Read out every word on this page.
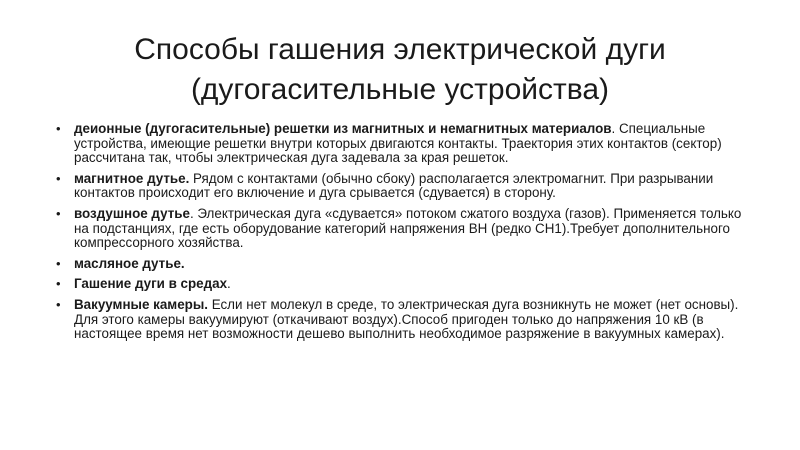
Способы гашения электрической дуги
(дугогасительные устройства)
• деионные (дугогасительные) решетки из магнитных и немагнитных материалов. Специальные устройства, имеющие решетки внутри которых двигаются контакты. Траектория этих контактов (сектор) рассчитана так, чтобы электрическая дуга задевала за края решеток.
• магнитное дутье. Рядом с контактами (обычно сбоку) располагается электромагнит. При разрывании контактов происходит его включение и дуга срывается (сдувается) в сторону.
• воздушное дутье. Электрическая дуга «сдувается» потоком сжатого воздуха (газов). Применяется только на подстанциях, где есть оборудование категорий напряжения ВН (редко СН1).Требует дополнительного компрессорного хозяйства.
• масляное дутье.
• Гашение дуги в средах.
• Вакуумные камеры. Если нет молекул в среде, то электрическая дуга возникнуть не может (нет основы). Для этого камеры вакуумируют (откачивают воздух).Способ пригоден только до напряжения 10 кВ (в настоящее время нет возможности дешево выполнить необходимое разряжение в вакуумных камерах).
